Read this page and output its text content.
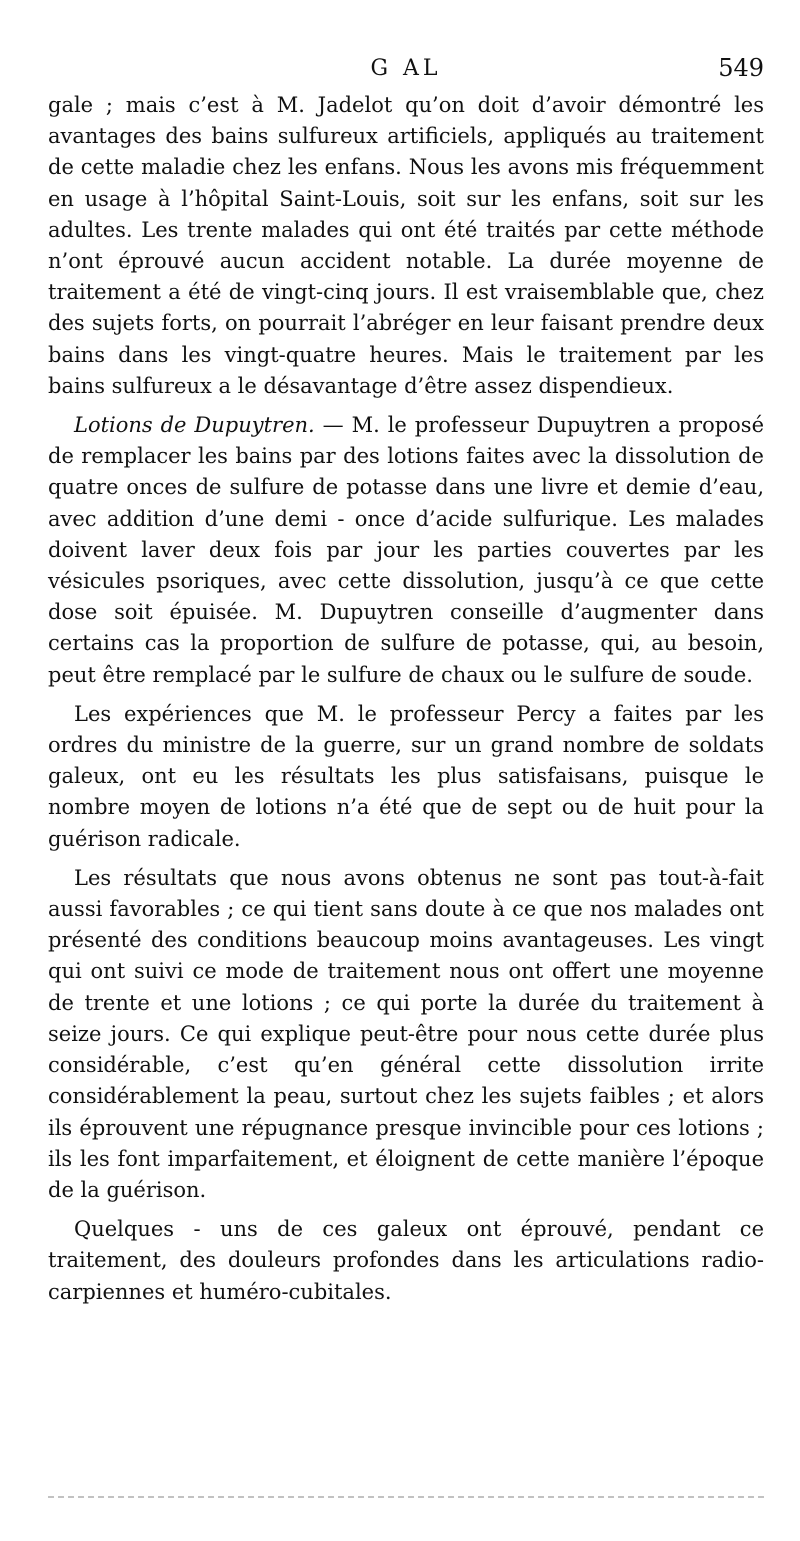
G AL	549

gale ; mais c’est à M. Jadelot qu’on doit d’avoir démontré les avantages des bains sulfureux artificiels, appliqués au traitement de cette maladie chez les enfans. Nous les avons mis fréquemment en usage à l’hôpital Saint-Louis, soit sur les enfans, soit sur les adultes. Les trente malades qui ont été traités par cette méthode n’ont éprouvé aucun accident notable. La durée moyenne de traitement a été de vingt-cinq jours. Il est vraisemblable que, chez des sujets forts, on pourrait l’abréger en leur faisant prendre deux bains dans les vingt-quatre heures. Mais le traitement par les bains sulfureux a le désavantage d’être assez dispendieux.

Lotions de Dupuytren. — M. le professeur Dupuytren a proposé de remplacer les bains par des lotions faites avec la dissolution de quatre onces de sulfure de potasse dans une livre et demie d’eau, avec addition d’une demi - once d’acide sulfurique. Les malades doivent laver deux fois par jour les parties couvertes par les vésicules psoriques, avec cette dissolution, jusqu’à ce que cette dose soit épuisée. M. Dupuytren conseille d’augmenter dans certains cas la proportion de sulfure de potasse, qui, au besoin, peut être remplacé par le sulfure de chaux ou le sulfure de soude.

Les expériences que M. le professeur Percy a faites par les ordres du ministre de la guerre, sur un grand nombre de soldats galeux, ont eu les résultats les plus satisfaisans, puisque le nombre moyen de lotions n’a été que de sept ou de huit pour la guérison radicale.

Les résultats que nous avons obtenus ne sont pas tout-à-fait aussi favorables ; ce qui tient sans doute à ce que nos malades ont présenté des conditions beaucoup moins avantageuses. Les vingt qui ont suivi ce mode de traitement nous ont offert une moyenne de trente et une lotions ; ce qui porte la durée du traitement à seize jours. Ce qui explique peut-être pour nous cette durée plus considérable, c’est qu’en général cette dissolution irrite considérablement la peau, surtout chez les sujets faibles ; et alors ils éprouvent une répugnance presque invincible pour ces lotions ; ils les font imparfaitement, et éloignent de cette manière l’époque de la guérison.

Quelques - uns de ces galeux ont éprouvé, pendant ce traitement, des douleurs profondes dans les articulations radio-carpiennes et huméro-cubitales.
